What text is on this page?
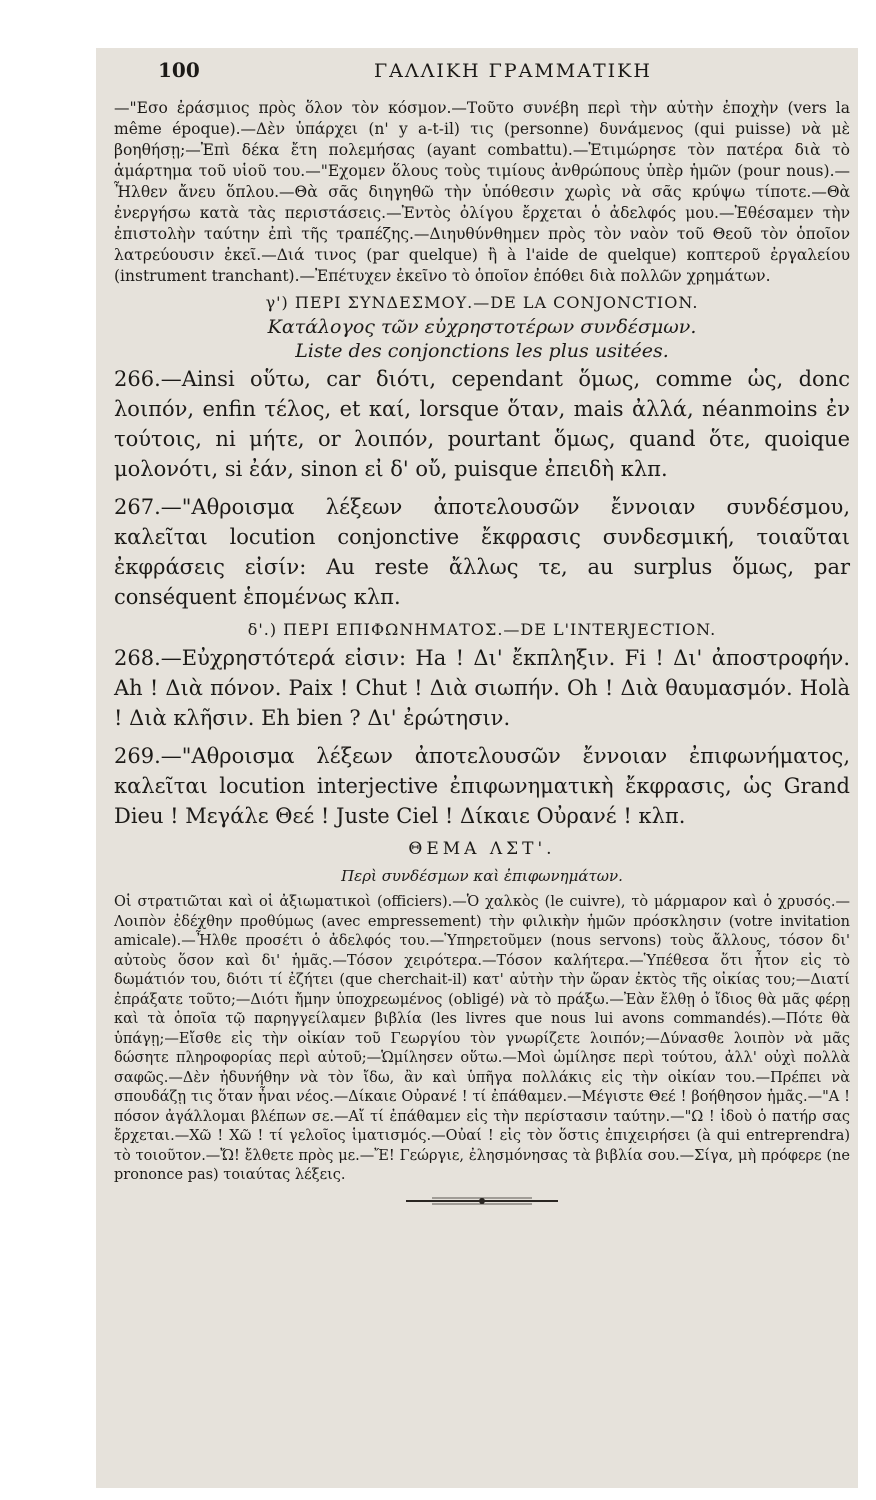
100	ΓΑΛΛΙΚΗ ΓΡΑΜΜΑΤΙΚΗ

—"Εσο ἐράσμιος πρὸς ὅλον τὸν κόσμον.—Τοῦτο συνέβη περὶ τὴν αὐτὴν ἐποχὴν (vers la même époque).—Δὲν ὑπάρχει (n' y a-t-il) τις (personne) δυνάμενος (qui puisse) νὰ μὲ βοηθήσῃ;—Ἐπὶ δέκα ἔτη πολεμήσας (ayant combattu).—Ἐτιμώρησε τὸν πατέρα διὰ τὸ ἁμάρτημα τοῦ υἱοῦ του.—"Εχομεν ὅλους τοὺς τιμίους ἀνθρώπους ὑπὲρ ἡμῶν (pour nous).—Ἦλθεν ἄνευ ὅπλου.—Θὰ σᾶς διηγηθῶ τὴν ὑπόθεσιν χωρὶς νὰ σᾶς κρύψω τίποτε.—Θὰ ἐνεργήσω κατὰ τὰς περιστάσεις.—Ἐντὸς ὀλίγου ἔρχεται ὁ ἀδελφός μου.—Ἐθέσαμεν τὴν ἐπιστολὴν ταύτην ἐπὶ τῆς τραπέζης.—Διηυθύνθημεν πρὸς τὸν ναὸν τοῦ Θεοῦ τὸν ὁποῖον λατρεύουσιν ἐκεῖ.—Διά τινος (par quelque) ἢ à l'aide de quelque) κοπτεροῦ ἐργαλείου (instrument tranchant).—Ἐπέτυχεν ἐκεῖνο τὸ ὁποῖον ἐπόθει διὰ πολλῶν χρημάτων.

γ') ΠΕΡΙ ΣΥΝΔΕΣΜΟΥ.—DE LA CONJONCTION.
Κατάλογος τῶν εὐχρηστοτέρων συνδέσμων.
Liste des conjonctions les plus usitées.

266.—Ainsi οὕτω, car διότι, cependant ὅμως, comme ὡς, donc λοιπόν, enfin τέλος, et καί, lorsque ὅταν, mais ἀλλά, néanmoins ἐν τούτοις, ni μήτε, or λοιπόν, pourtant ὅμως, quand ὅτε, quoique μολονότι, si ἐάν, sinon εἰ δ' οὔ, puisque ἐπειδὴ κλπ.

267.—"Αθροισμα λέξεων ἀποτελουσῶν ἔννοιαν συνδέσμου, καλεῖται locution conjonctive ἔκφρασις συνδεσμική, τοιαῦται ἐκφράσεις εἰσίν: Au reste ἄλλως τε, au surplus ὅμως, par conséquent ἑπομένως κλπ.

δ'.) ΠΕΡΙ ΕΠΙΦΩΝΗΜΑΤΟΣ.—DE L'INTERJECTION.

268.—Εὐχρηστότερά εἰσιν: Ha ! Δι' ἔκπληξιν. Fi ! Δι' ἀποστροφήν. Ah ! Διὰ πόνον. Paix ! Chut ! Διὰ σιωπήν. Oh ! Διὰ θαυμασμόν. Holà ! Διὰ κλῆσιν. Eh bien ? Δι' ἐρώτησιν.

269.—"Αθροισμα λέξεων ἀποτελουσῶν ἔννοιαν ἐπιφωνήματος, καλεῖται locution interjective ἐπιφωνηματικὴ ἔκφρασις, ὡς Grand Dieu ! Μεγάλε Θεέ ! Juste Ciel ! Δίκαιε Οὐρανέ ! κλπ.

ΘΕΜΑ ΛΣΤ'.
Περὶ συνδέσμων καὶ ἐπιφωνημάτων.

Οἱ στρατιῶται καὶ οἱ ἀξιωματικοὶ (officiers).—Ὁ χαλκὸς (le cuivre), τὸ μάρμαρον καὶ ὁ χρυσός.—Λοιπὸν ἐδέχθην προθύμως (avec empressement) τὴν φιλικὴν ἡμῶν πρόσκλησιν (votre invitation amicale).—Ἦλθε προσέτι ὁ ἀδελφός του.—Ὑπηρετοῦμεν (nous servons) τοὺς ἄλλους, τόσον δι' αὐτοὺς ὅσον καὶ δι' ἡμᾶς.—Τόσον χειρότερα.—Τόσον καλήτερα.—Ὑπέθεσα ὅτι ἦτον εἰς τὸ δωμάτιόν του, διότι τί ἐζήτει (que cherchait-il) κατ' αὐτὴν τὴν ὥραν ἐκτὸς τῆς οἰκίας του;—Διατί ἐπράξατε τοῦτο;—Διότι ἤμην ὑποχρεωμένος (obligé) νὰ τὸ πράξω.—Ἐὰν ἔλθῃ ὁ ἴδιος θὰ μᾶς φέρῃ καὶ τὰ ὁποῖα τῷ παρηγγείλαμεν βιβλία (les livres que nous lui avons commandés).—Πότε θὰ ὑπάγῃ;—Εἴσθε εἰς τὴν οἰκίαν τοῦ Γεωργίου τὸν γνωρίζετε λοιπόν;—Δύνασθε λοιπὸν νὰ μᾶς δώσητε πληροφορίας περὶ αὐτοῦ;—Ὡμίλησεν οὕτω.—Μοὶ ὡμίλησε περὶ τούτου, ἀλλ' οὐχὶ πολλὰ σαφῶς.—Δὲν ἠδυνήθην νὰ τὸν ἴδω, ἂν καὶ ὑπῆγα πολλάκις εἰς τὴν οἰκίαν του.—Πρέπει νὰ σπουδάζῃ τις ὅταν ἦναι νέος.—Δίκαιε Οὐρανέ ! τί ἐπάθαμεν.—Μέγιστε Θεέ ! βοήθησον ἡμᾶς.—"Α ! πόσον ἀγάλλομαι βλέπων σε.—Αἴ τί ἐπάθαμεν εἰς τὴν περίστασιν ταύτην.—"Ω ! ἰδοὺ ὁ πατήρ σας ἔρχεται.—Χῶ ! Χῶ ! τί γελοῖος ἱματισμός.—Οὐαί ! εἰς τὸν ὅστις ἐπιχειρήσει (à qui entreprendra) τὸ τοιοῦτον.—Ὤ! ἔλθετε πρὸς με.—Ἔ! Γεώργιε, ἐλησμόνησας τὰ βιβλία σου.—Σίγα, μὴ πρόφερε (ne prononce pas) τοιαύτας λέξεις.
